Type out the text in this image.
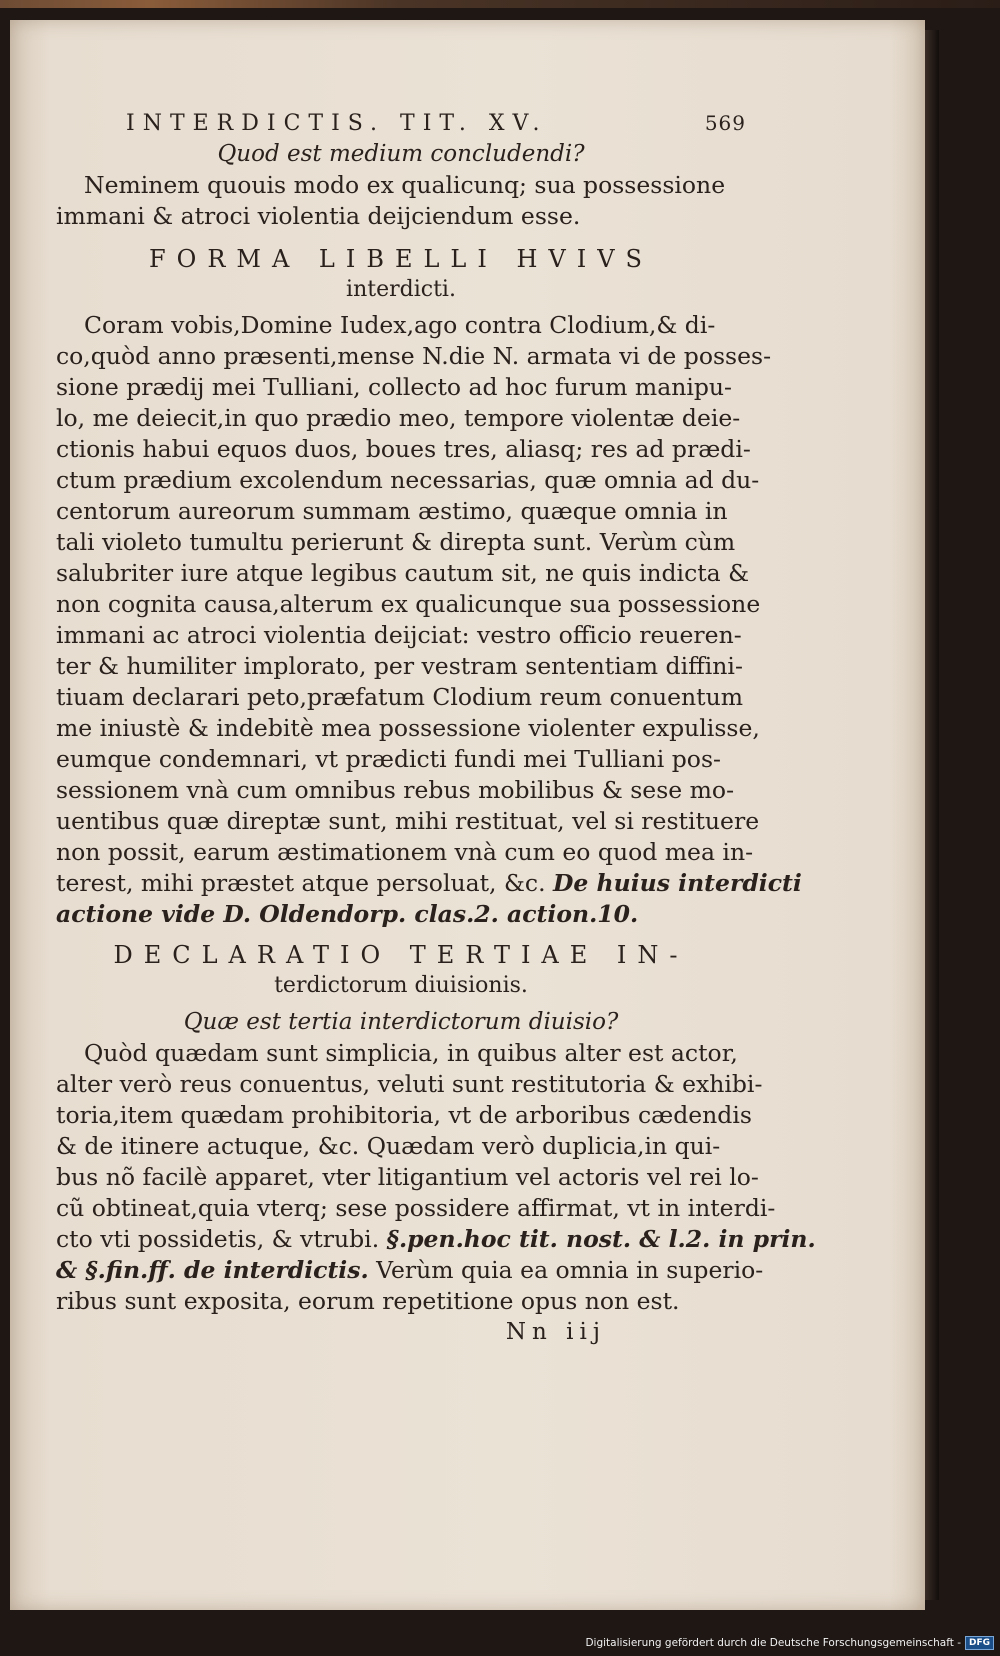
INTERDICTIS. TIT. XV.	569
Quod est medium concludendi?

Neminem quouis modo ex qualicunq; sua possessione
immani & atroci violentia deijciendum esse.

FORMA LIBELLI HVIVS
interdicti.

Coram vobis,Domine Iudex,ago contra Clodium,& di-
co,quòd anno præsenti,mense N.die N. armata vi de posses-
sione prædij mei Tulliani, collecto ad hoc furum manipu-
lo, me deiecit,in quo prædio meo, tempore violentæ deie-
ctionis habui equos duos, boues tres, aliasq; res ad prædi-
ctum prædium excolendum necessarias, quæ omnia ad du-
centorum aureorum summam æstimo, quæque omnia in
tali violeto tumultu perierunt & direpta sunt. Verùm cùm
salubriter iure atque legibus cautum sit, ne quis indicta &
non cognita causa,alterum ex qualicunque sua possessione
immani ac atroci violentia deijciat: vestro officio reueren-
ter & humiliter implorato, per vestram sententiam diffini-
tiuam declarari peto,præfatum Clodium reum conuentum
me iniustè & indebitè mea possessione violenter expulisse,
eumque condemnari, vt prædicti fundi mei Tulliani pos-
sessionem vnà cum omnibus rebus mobilibus & sese mo-
uentibus quæ direptæ sunt, mihi restituat, vel si restituere
non possit, earum æstimationem vnà cum eo quod mea in-
terest, mihi præstet atque persoluat, &c. De huius interdicti
actione vide D. Oldendorp. clas.2. action.10.

DECLARATIO TERTIAE IN-
terdictorum diuisionis.
Quæ est tertia interdictorum diuisio?

Quòd quædam sunt simplicia, in quibus alter est actor,
alter verò reus conuentus, veluti sunt restitutoria & exhibi-
toria,item quædam prohibitoria, vt de arboribus cædendis
& de itinere actuque, &c. Quædam verò duplicia,in qui-
bus nõ facilè apparet, vter litigantium vel actoris vel rei lo-
cũ obtineat,quia vterq; sese possidere affirmat, vt in interdi-
cto vti possidetis, & vtrubi. §.pen.hoc tit. nost. & l.2. in prin.
& §.fin.ff. de interdictis. Verùm quia ea omnia in superio-
ribus sunt exposita, eorum repetitione opus non est.

Nn iij
Digitalisierung gefördert durch die Deutsche Forschungsgemeinschaft - DFG
